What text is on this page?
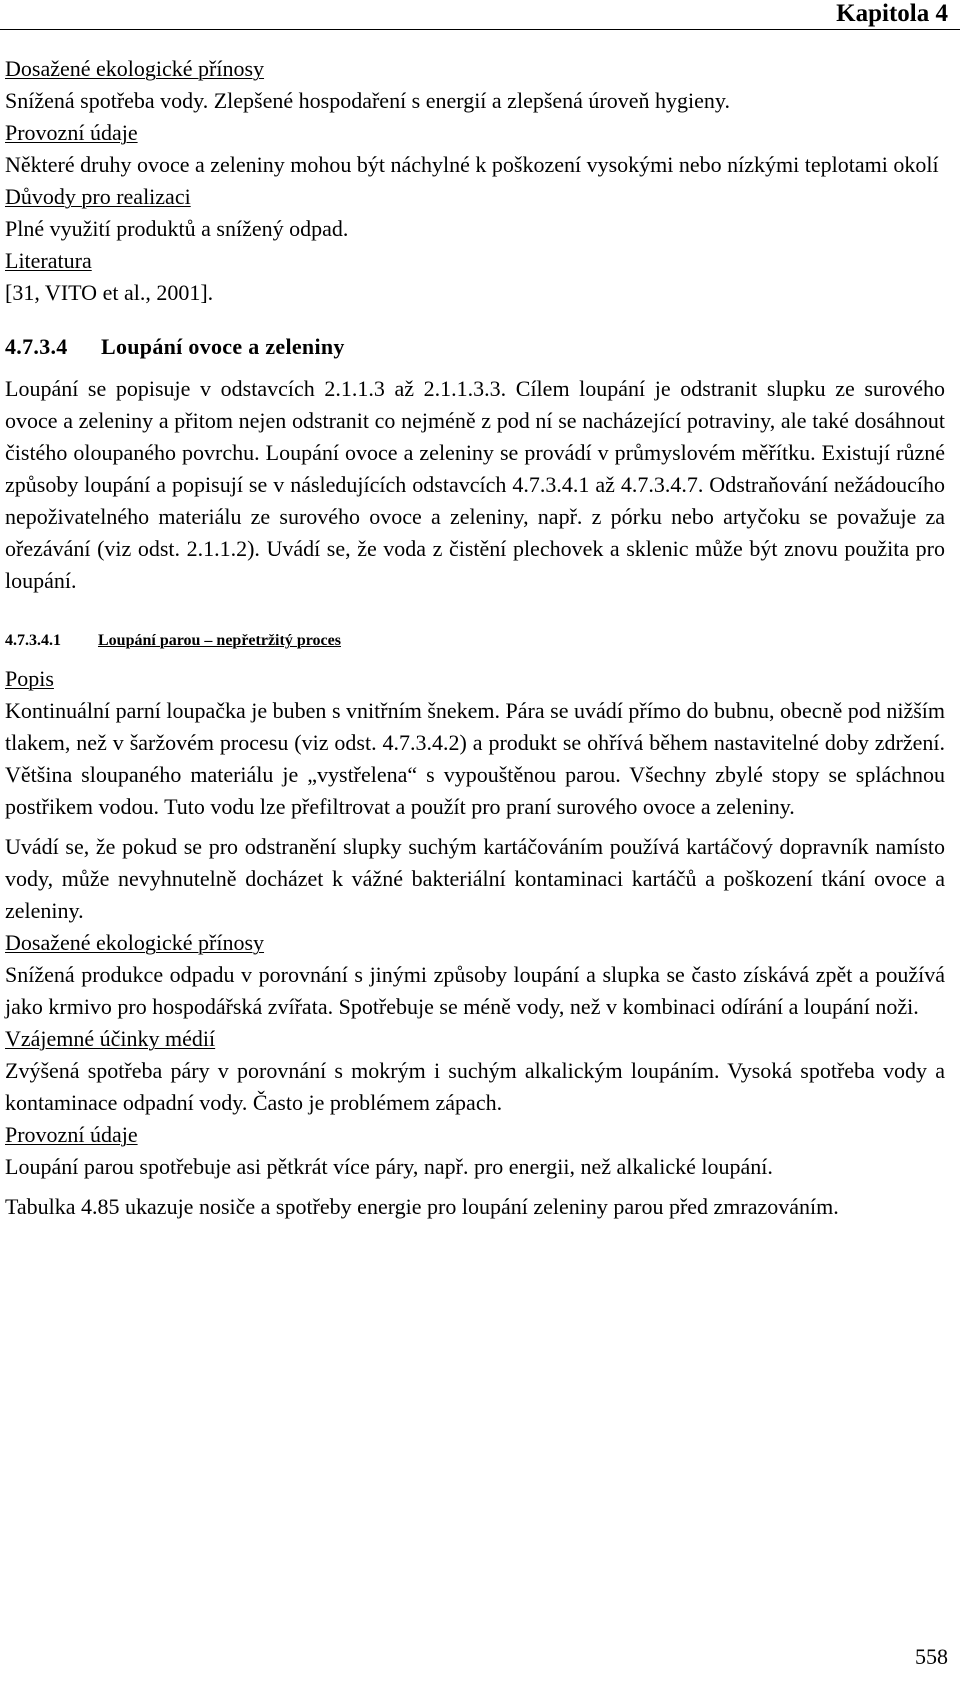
Kapitola 4

Dosažené ekologické přínosy

Snížená spotřeba vody. Zlepšené hospodaření s energií a zlepšená úroveň hygieny.

Provozní údaje

Některé druhy ovoce a zeleniny mohou být náchylné k poškození vysokými nebo nízkými teplotami okolí

Důvody pro realizaci

Plné využití produktů a snížený odpad.

Literatura

[31, VITO et al., 2001].

4.7.3.4 Loupání ovoce a zeleniny

Loupání se popisuje v odstavcích 2.1.1.3 až 2.1.1.3.3. Cílem loupání je odstranit slupku ze surového ovoce a zeleniny a přitom nejen odstranit co nejméně z pod ní se nacházející potraviny, ale také dosáhnout čistého oloupaného povrchu. Loupání ovoce a zeleniny se provádí v průmyslovém měřítku. Existují různé způsoby loupání a popisují se v následujících odstavcích 4.7.3.4.1 až 4.7.3.4.7. Odstraňování nežádoucího nepoživatelného materiálu ze surového ovoce a zeleniny, např. z pórku nebo artyčoku se považuje za ořezávání (viz odst. 2.1.1.2). Uvádí se, že voda z čistění plechovek a sklenic může být znovu použita pro loupání.

4.7.3.4.1 Loupání parou – nepřetržitý proces

Popis

Kontinuální parní loupačka je buben s vnitřním šnekem. Pára se uvádí přímo do bubnu, obecně pod nižším tlakem, než v šaržovém procesu (viz odst. 4.7.3.4.2) a produkt se ohřívá během nastavitelné doby zdržení. Většina sloupaného materiálu je „vystřelena“ s vypouštěnou parou. Všechny zbylé stopy se spláchnou postřikem vodou. Tuto vodu lze přefiltrovat a použít pro praní surového ovoce a zeleniny.

Uvádí se, že pokud se pro odstranění slupky suchým kartáčováním používá kartáčový dopravník namísto vody, může nevyhnutelně docházet k vážné bakteriální kontaminaci kartáčů a poškození tkání ovoce a zeleniny.

Dosažené ekologické přínosy

Snížená produkce odpadu v porovnání s jinými způsoby loupání a slupka se často získává zpět a používá jako krmivo pro hospodářská zvířata. Spotřebuje se méně vody, než v kombinaci odírání a loupání noži.

Vzájemné účinky médií

Zvýšená spotřeba páry v porovnání s mokrým i suchým alkalickým loupáním. Vysoká spotřeba vody a kontaminace odpadní vody. Často je problémem zápach.

Provozní údaje

Loupání parou spotřebuje asi pětkrát více páry, např. pro energii, než alkalické loupání.

Tabulka 4.85 ukazuje nosiče a spotřeby energie pro loupání zeleniny parou před zmrazováním.

558
